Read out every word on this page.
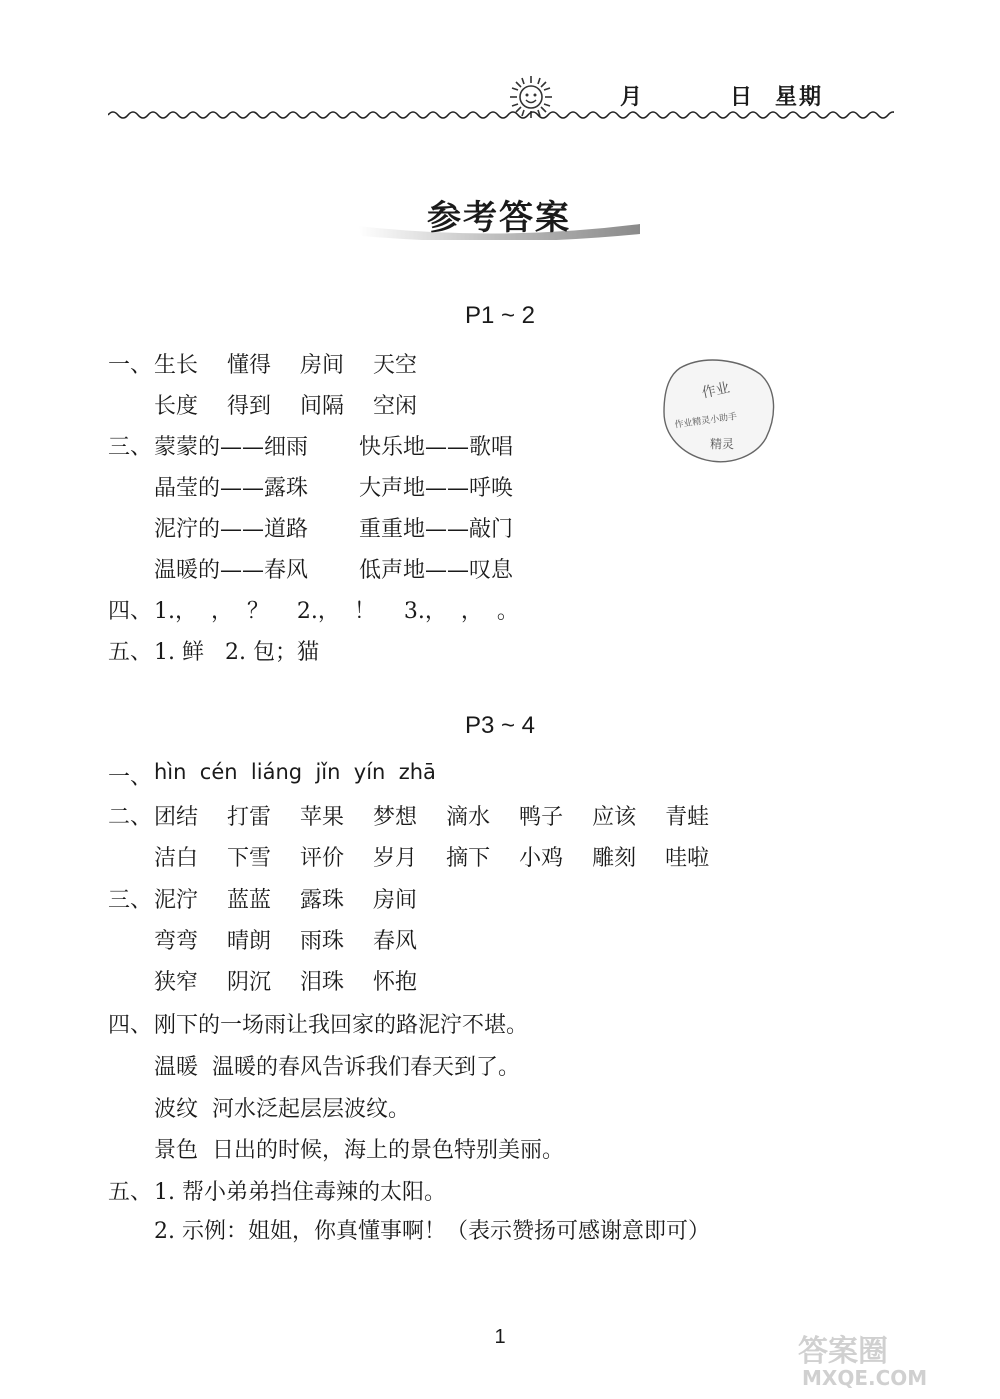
月	日 星期
参考答案
P1 ~ 2
一、 生长 懂得 房间 天空
长度 得到 间隔 空闲
三、 蒙蒙的——细雨 快乐地——歌唱
晶莹的——露珠 大声地——呼唤
泥泞的——道路 重重地——敲门
温暖的——春风 低声地——叹息
四、 1.，  ，  ？    2.，  ！    3.，  ，  。
五、 1. 鲜   2. 包；猫
P3 ~ 4
一、 hìn  cén  liáng  jǐn  yín  zhā
二、 团结 打雷 苹果 梦想 滴水 鸭子 应该 青蛙
洁白 下雪 评价 岁月 摘下 小鸡 雕刻 哇啦
三、 泥泞 蓝蓝 露珠 房间
弯弯 晴朗 雨珠 春风
狭窄 阴沉 泪珠 怀抱
四、 刚下的一场雨让我回家的路泥泞不堪。
温暖  温暖的春风告诉我们春天到了。
波纹  河水泛起层层波纹。
景色  日出的时候，海上的景色特别美丽。
五、 1. 帮小弟弟挡住毒辣的太阳。
2. 示例：姐姐，你真懂事啊！（表示赞扬可感谢意即可）
作业
作业精灵小助手
精灵
答案圈
MXQE.COM
1
